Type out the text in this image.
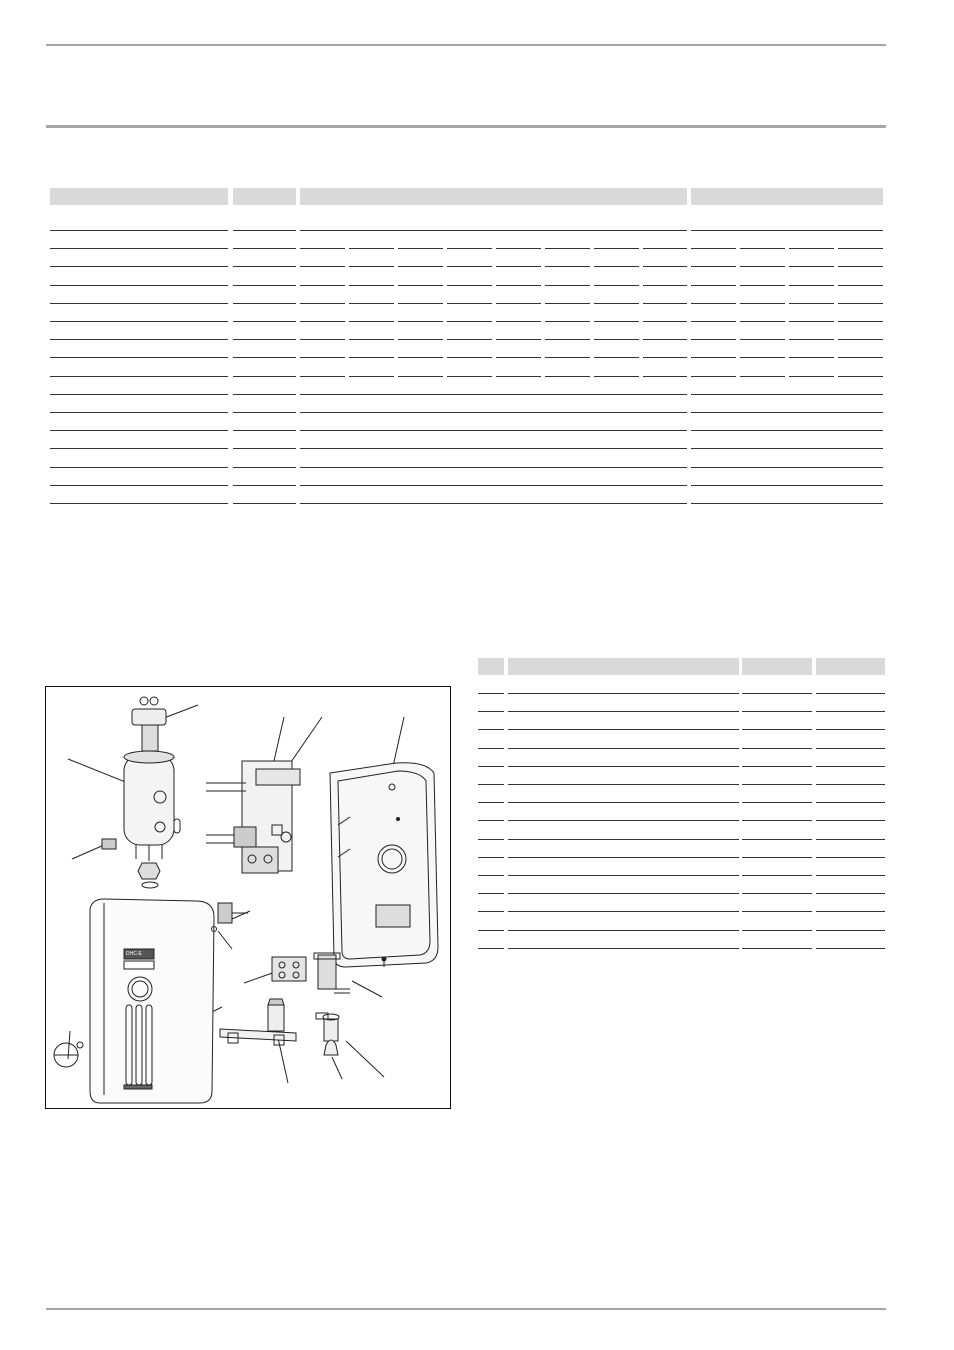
DHC-E
